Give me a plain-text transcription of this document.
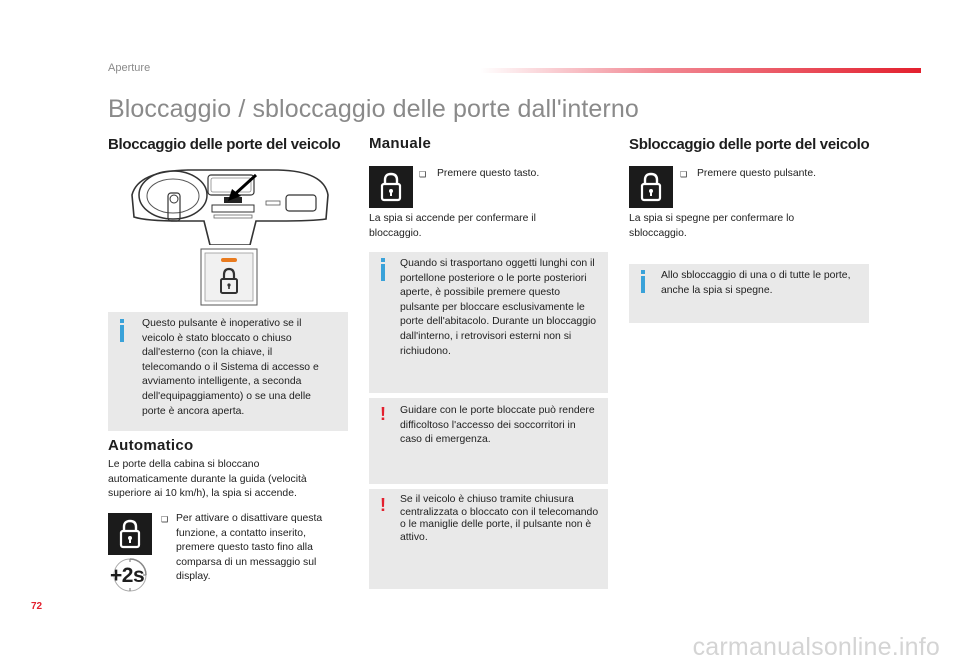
Aperture
Bloccaggio / sbloccaggio delle porte dall'interno
Bloccaggio delle porte del veicolo
Questo pulsante è inoperativo se il veicolo è stato bloccato o chiuso dall'esterno (con la chiave, il telecomando o il Sistema di accesso e avviamento intelligente, a seconda dell'equipaggiamento) o se una delle porte è ancora aperta.
Automatico
Le porte della cabina si bloccano automaticamente durante la guida (velocità superiore ai 10 km/h), la spia si accende.
+2s
❑ Per attivare o disattivare questa funzione, a contatto inserito, premere questo tasto fino alla comparsa di un messaggio sul display.
Manuale
❑ Premere questo tasto.
La spia si accende per confermare il bloccaggio.
Quando si trasportano oggetti lunghi con il portellone posteriore o le porte posteriori aperte, è possibile premere questo pulsante per bloccare esclusivamente le porte dell'abitacolo. Durante un bloccaggio dall'interno, i retrovisori esterni non si richiudono.
! Guidare con le porte bloccate può rendere difficoltoso l'accesso dei soccorritori in caso di emergenza.
! Se il veicolo è chiuso tramite chiusura centralizzata o bloccato con il telecomando o le maniglie delle porte, il pulsante non è attivo.
Sbloccaggio delle porte del veicolo
❑ Premere questo pulsante.
La spia si spegne per confermare lo sbloccaggio.
Allo sbloccaggio di una o di tutte le porte, anche la spia si spegne.
72
carmanualsonline.info
